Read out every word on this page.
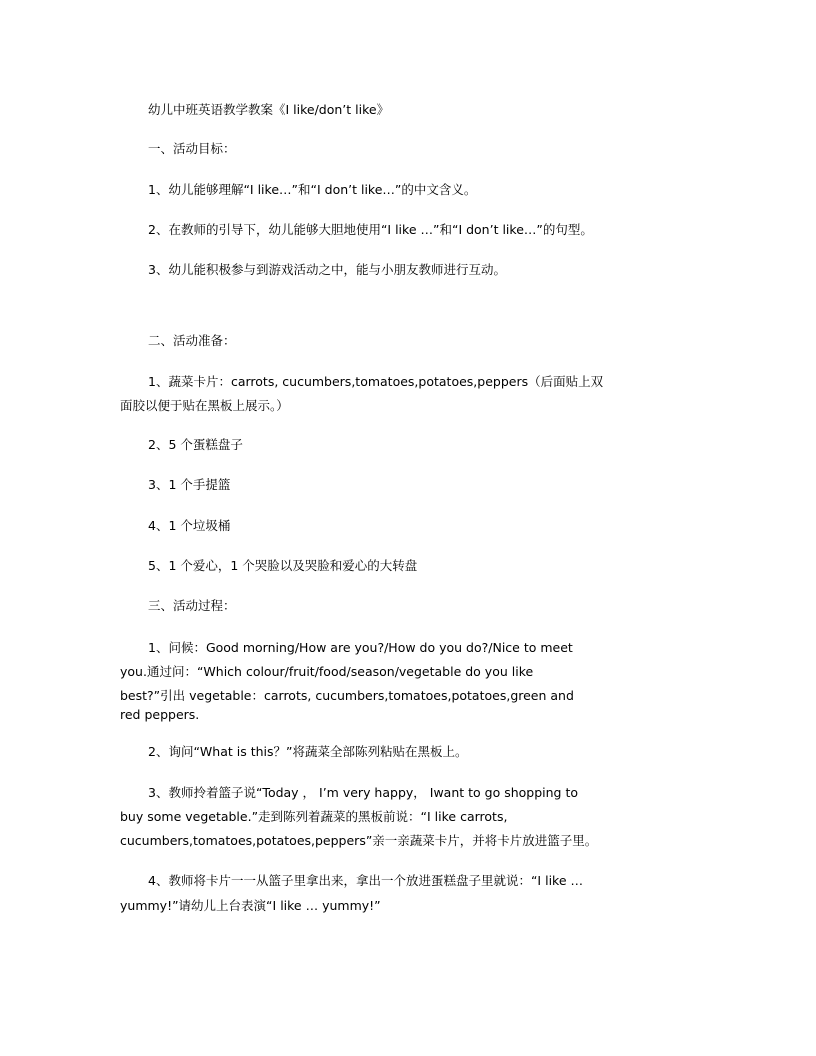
幼儿中班英语教学教案《I like/don’t like》
一、活动目标：
1、幼儿能够理解“I like…”和“I don’t like…”的中文含义。
2、在教师的引导下，幼儿能够大胆地使用“I like …”和“I don’t like…”的句型。
3、幼儿能积极参与到游戏活动之中，能与小朋友教师进行互动。
二、活动准备：
1、蔬菜卡片：carrots, cucumbers,tomatoes,potatoes,peppers（后面贴上双
面胶以便于贴在黑板上展示。）
2、5 个蛋糕盘子
3、1 个手提篮
4、1 个垃圾桶
5、1 个爱心，1 个哭脸以及哭脸和爱心的大转盘
三、活动过程：
1、问候：Good morning/How are you?/How do you do?/Nice to meet
you.通过问：“Which colour/fruit/food/season/vegetable do you like
best?”引出 vegetable：carrots, cucumbers,tomatoes,potatoes,green and
red peppers.
2、询问“What is this？”将蔬菜全部陈列粘贴在黑板上。
3、教师拎着篮子说“Today ， I’m very happy， Iwant to go shopping to
buy some vegetable.”走到陈列着蔬菜的黑板前说：“I like carrots,
cucumbers,tomatoes,potatoes,peppers”亲一亲蔬菜卡片，并将卡片放进篮子里。
4、教师将卡片一一从篮子里拿出来，拿出一个放进蛋糕盘子里就说：“I like …
yummy!”请幼儿上台表演“I like … yummy!”
